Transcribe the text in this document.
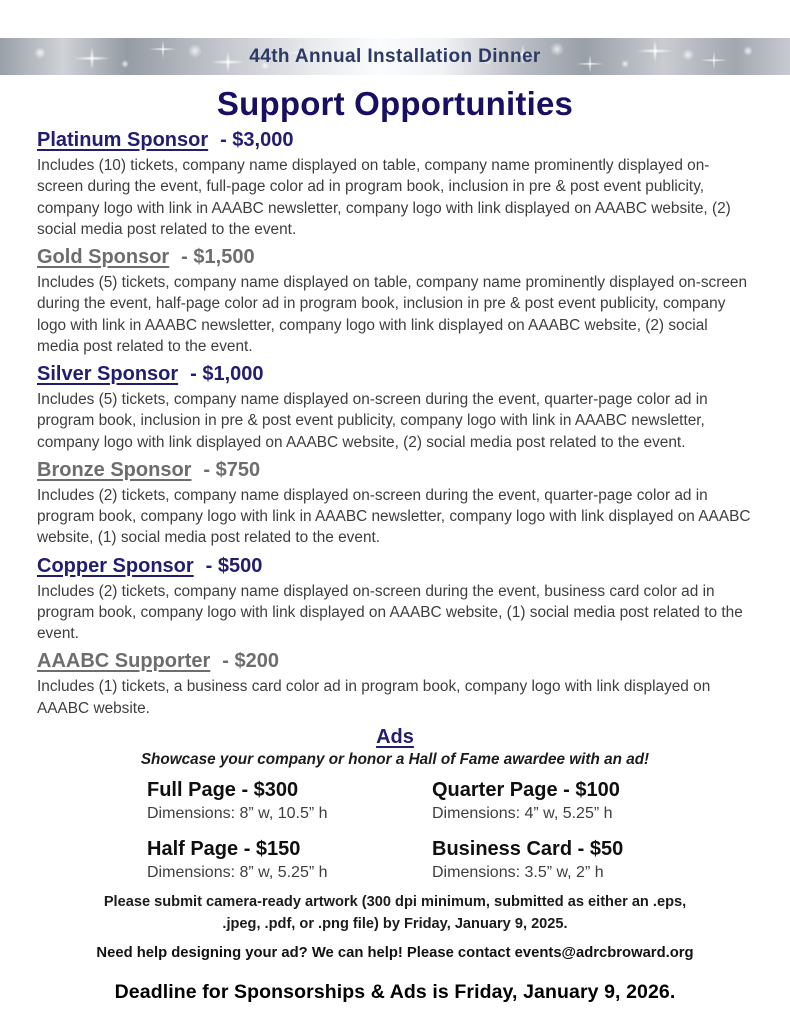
44th Annual Installation Dinner
Support Opportunities
Platinum Sponsor - $3,000

Includes (10) tickets, company name displayed on table, company name prominently displayed on-screen during the event, full-page color ad in program book, inclusion in pre & post event publicity, company logo with link in AAABC newsletter, company logo with link displayed on AAABC website, (2) social media post related to the event.

Gold Sponsor - $1,500

Includes (5) tickets, company name displayed on table, company name prominently displayed on-screen during the event, half-page color ad in program book, inclusion in pre & post event publicity, company logo with link in AAABC newsletter, company logo with link displayed on AAABC website, (2) social media post related to the event.

Silver Sponsor - $1,000

Includes (5) tickets, company name displayed on-screen during the event, quarter-page color ad in program book, inclusion in pre & post event publicity, company logo with link in AAABC newsletter, company logo with link displayed on AAABC website, (2) social media post related to the event.

Bronze Sponsor - $750

Includes (2) tickets, company name displayed on-screen during the event, quarter-page color ad in program book, company logo with link in AAABC newsletter, company logo with link displayed on AAABC website, (1) social media post related to the event.

Copper Sponsor - $500

Includes (2) tickets, company name displayed on-screen during the event, business card color ad in program book, company logo with link displayed on AAABC website, (1) social media post related to the event.

AAABC Supporter - $200

Includes (1) tickets, a business card color ad in program book, company logo with link displayed on AAABC website.

Ads

Showcase your company or honor a Hall of Fame awardee with an ad!

Full Page - $300
Dimensions: 8” w, 10.5” h
Quarter Page - $100
Dimensions: 4” w, 5.25” h
Half Page - $150
Dimensions: 8” w, 5.25” h
Business Card - $50
Dimensions: 3.5” w, 2” h

Please submit camera-ready artwork (300 dpi minimum, submitted as either an .eps, .jpeg, .pdf, or .png file) by Friday, January 9, 2025.

Need help designing your ad? We can help! Please contact events@adrcbroward.org

Deadline for Sponsorships & Ads is Friday, January 9, 2026.
